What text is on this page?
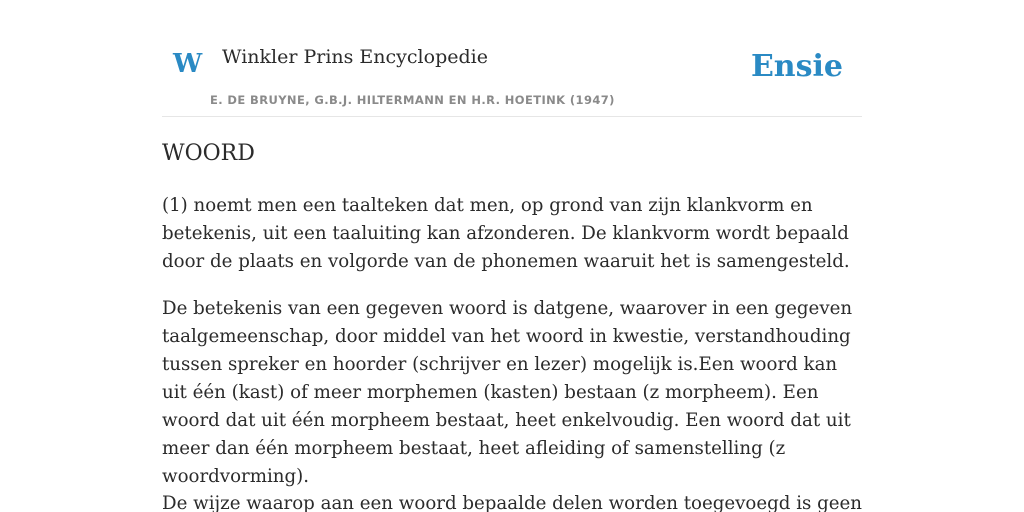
W Winkler Prins Encyclopedie
E. DE BRUYNE, G.B.J. HILTERMANN EN H.R. HOETINK (1947)
Ensie
WOORD

(1) noemt men een taalteken dat men, op grond van zijn klankvorm en betekenis, uit een taaluiting kan afzonderen. De klankvorm wordt bepaald door de plaats en volgorde van de phonemen waaruit het is samengesteld.

De betekenis van een gegeven woord is datgene, waarover in een gegeven taalgemeenschap, door middel van het woord in kwestie, verstandhouding tussen spreker en hoorder (schrijver en lezer) mogelijk is.Een woord kan uit één (kast) of meer morphemen (kasten) bestaan (z morpheem). Een woord dat uit één morpheem bestaat, heet enkelvoudig. Een woord dat uit meer dan één morpheem bestaat, heet afleiding of samenstelling (z woordvorming).

De wijze waarop aan een woord bepaalde delen worden toegevoegd is geen
